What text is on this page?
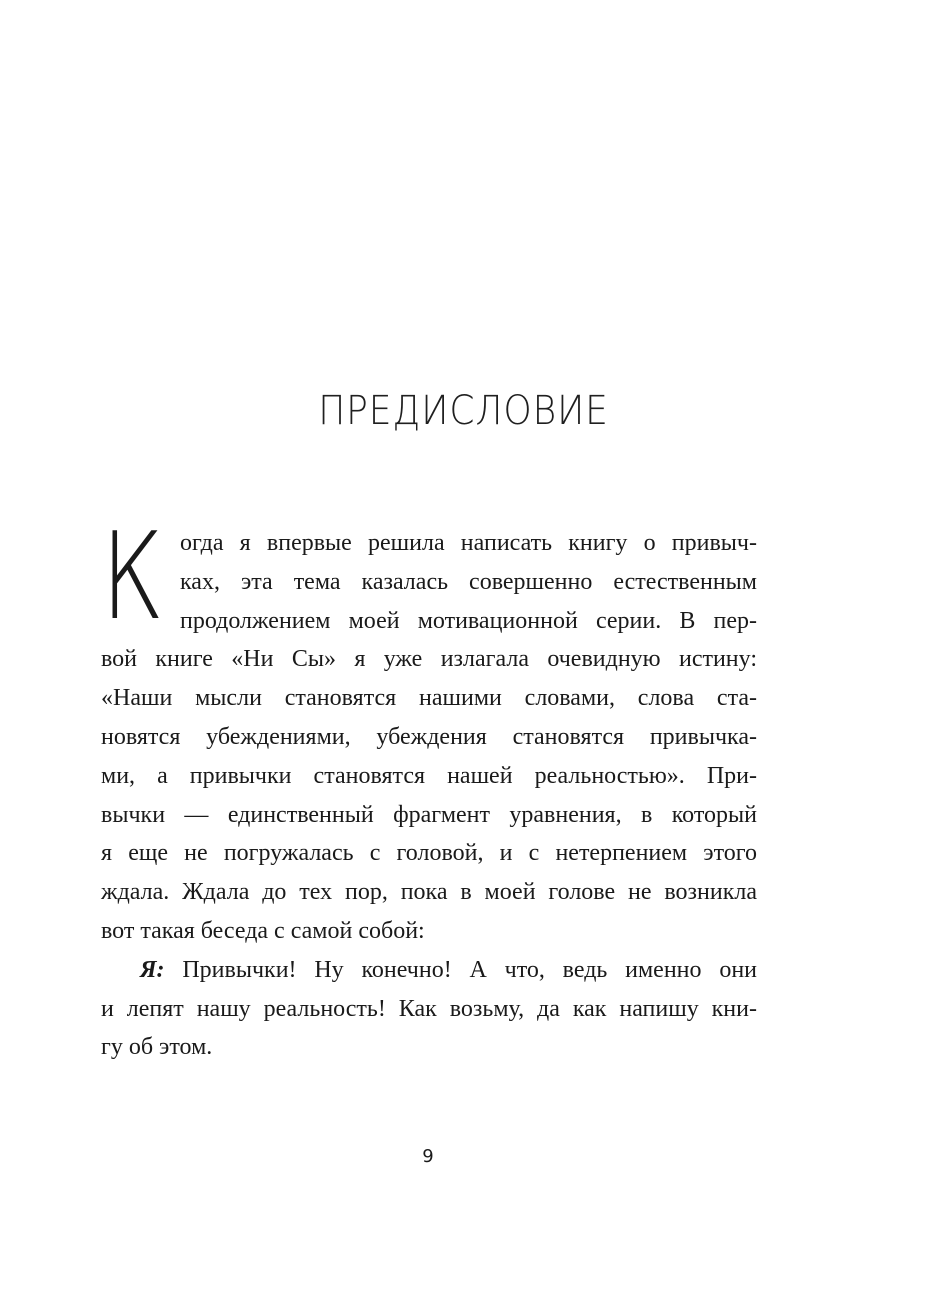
ПРЕДИСЛОВИЕ
К огда я впервые решила написать книгу о привыч-
ках, эта тема казалась совершенно естественным
продолжением моей мотивационной серии. В пер-
вой книге «Ни Сы» я уже излагала очевидную истину:
«Наши мысли становятся нашими словами, слова ста-
новятся убеждениями, убеждения становятся привычка-
ми, а привычки становятся нашей реальностью». При-
вычки — единственный фрагмент уравнения, в который
я еще не погружалась с головой, и с нетерпением этого
ждала. Ждала до тех пор, пока в моей голове не возникла
вот такая беседа с самой собой:
Я: Привычки! Ну конечно! А что, ведь именно они
и лепят нашу реальность! Как возьму, да как напишу кни-
гу об этом.
9
